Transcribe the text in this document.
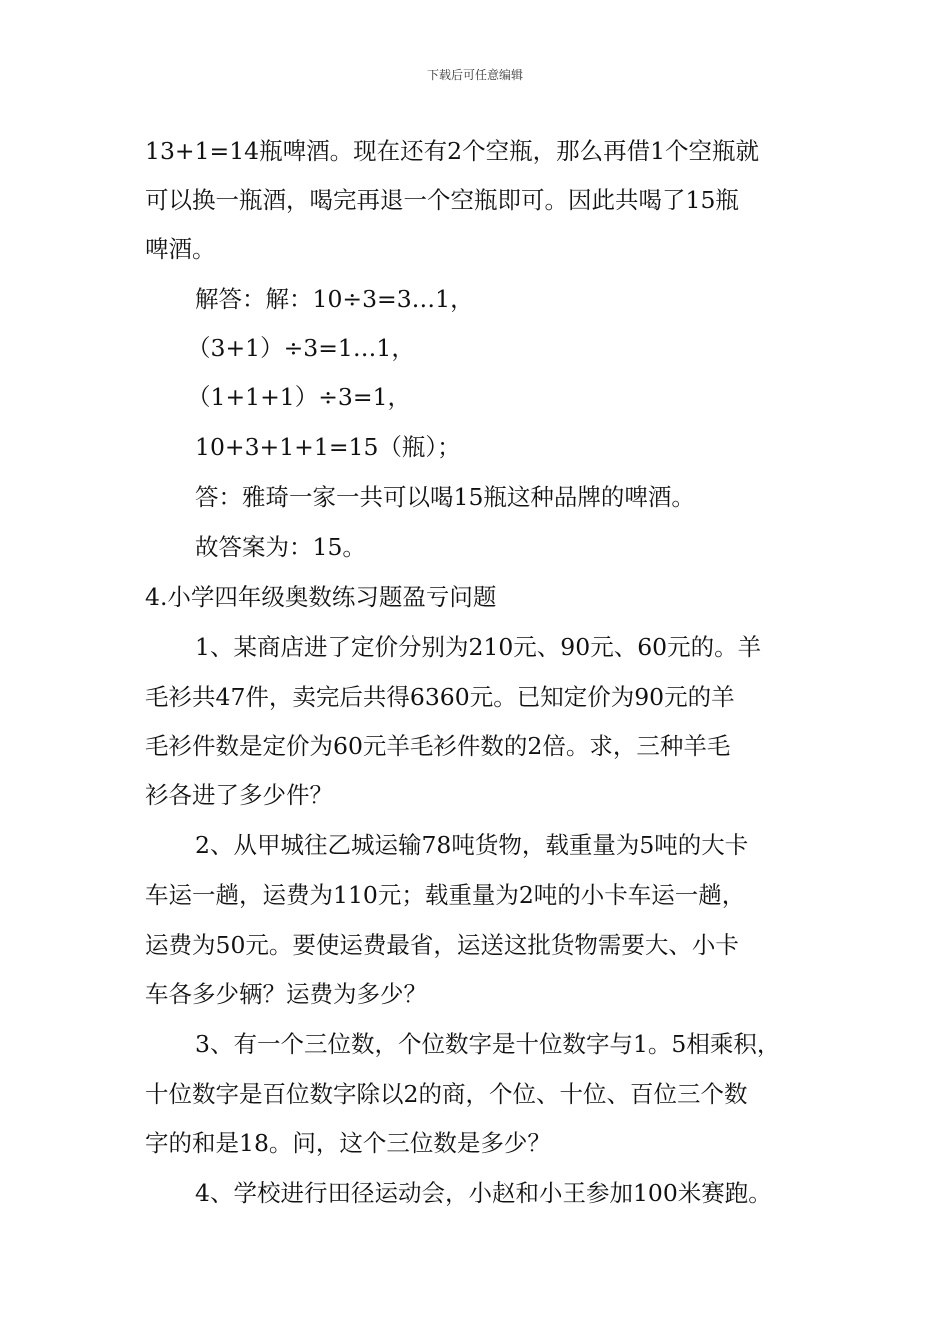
下载后可任意编辑
13+1=14瓶啤酒。现在还有2个空瓶，那么再借1个空瓶就
可以换一瓶酒，喝完再退一个空瓶即可。因此共喝了15瓶
啤酒。
解答：解：10÷3=3…1，
（3+1）÷3=1…1，
（1+1+1）÷3=1，
10+3+1+1=15（瓶）；
答：雅琦一家一共可以喝15瓶这种品牌的啤酒。
故答案为：15。
4.小学四年级奥数练习题盈亏问题
1、某商店进了定价分别为210元、90元、60元的。羊
毛衫共47件，卖完后共得6360元。已知定价为90元的羊
毛衫件数是定价为60元羊毛衫件数的2倍。求，三种羊毛
衫各进了多少件？
2、从甲城往乙城运输78吨货物，载重量为5吨的大卡
车运一趟，运费为110元；载重量为2吨的小卡车运一趟，
运费为50元。要使运费最省，运送这批货物需要大、小卡
车各多少辆？运费为多少？
3、有一个三位数，个位数字是十位数字与1。5相乘积，
十位数字是百位数字除以2的商，个位、十位、百位三个数
字的和是18。问，这个三位数是多少？
4、学校进行田径运动会，小赵和小王参加100米赛跑。
